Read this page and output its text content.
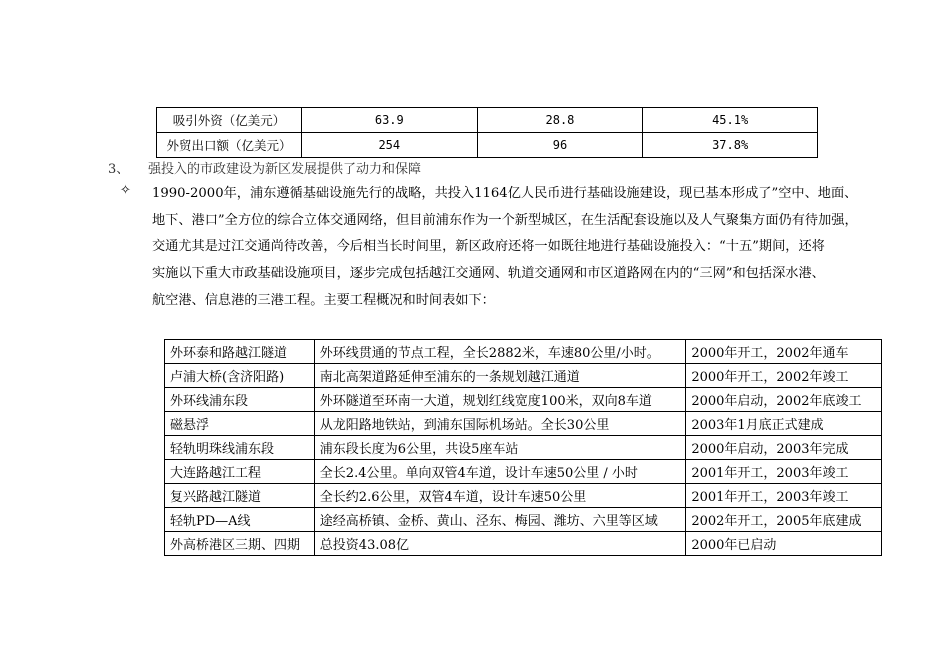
吸引外资（亿美元）	63.9	28.8	45.1%
外贸出口额（亿美元）	254	96	37.8%
3、 强投入的市政建设为新区发展提供了动力和保障
✧ 1990-2000年，浦东遵循基础设施先行的战略，共投入1164亿人民币进行基础设施建设，现已基本形成了”空中、地面、
地下、港口”全方位的综合立体交通网络，但目前浦东作为一个新型城区，在生活配套设施以及人气聚集方面仍有待加强，
交通尤其是过江交通尚待改善，今后相当长时间里，新区政府还将一如既往地进行基础设施投入：“十五”期间，还将
实施以下重大市政基础设施项目，逐步完成包括越江交通网、轨道交通网和市区道路网在内的“三网”和包括深水港、
航空港、信息港的三港工程。主要工程概况和时间表如下：

外环泰和路越江隧道	外环线贯通的节点工程，全长2882米，车速80公里/小时。	2000年开工，2002年通车
卢浦大桥(含济阳路)	南北高架道路延伸至浦东的一条规划越江通道	2000年开工，2002年竣工
外环线浦东段	外环隧道至环南一大道，规划红线宽度100米，双向8车道	2000年启动，2002年底竣工
磁悬浮	从龙阳路地铁站，到浦东国际机场站。全长30公里	2003年1月底正式建成
轻轨明珠线浦东段	浦东段长度为6公里，共设5座车站	2000年启动，2003年完成
大连路越江工程	全长2.4公里。单向双管4车道，设计车速50公里 / 小时	2001年开工，2003年竣工
复兴路越江隧道	全长约2.6公里，双管4车道，设计车速50公里	2001年开工，2003年竣工
轻轨PD—A线	途经高桥镇、金桥、黄山、泾东、梅园、潍坊、六里等区域	2002年开工，2005年底建成
外高桥港区三期、四期	总投资43.08亿	2000年已启动
